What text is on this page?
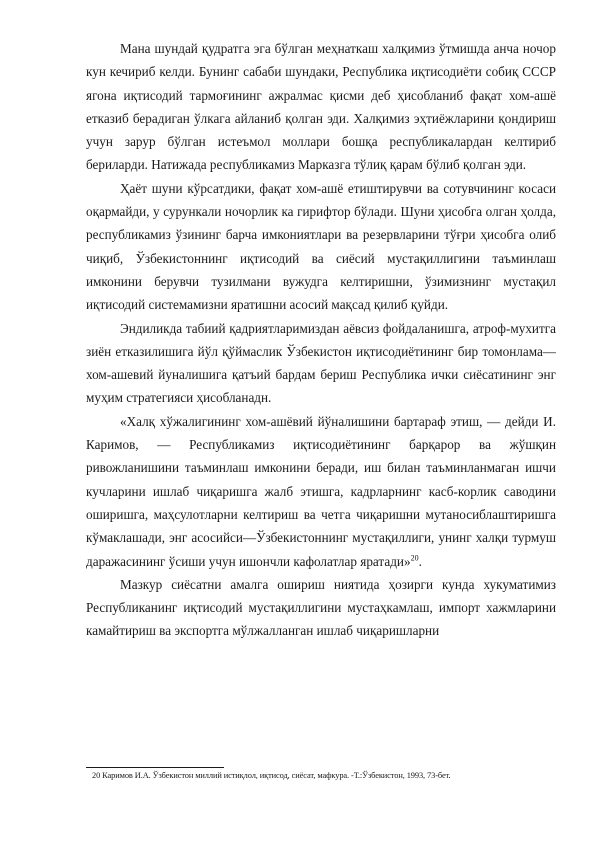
Мана шундай қудратга эга бўлган меҳнаткаш халқимиз ўтмишда анча ночор кун кечириб келди. Бунинг сабаби шундаки, Республика иқтисодиёти собиқ СССР ягона иқтисодий тармоғининг ажралмас қисми деб ҳисобланиб фақат хом-ашё етказиб берадиган ўлкага айланиб қолган эди. Халқимиз эҳтиёжларини қондириш учун зарур бўлган истеъмол моллари бошқа республикалардан келтириб бериларди. Натижада республикамиз Марказга тўлиқ қарам бўлиб қолган эди.

Ҳаёт шуни кўрсатдики, фақат хом-ашё етиштирувчи ва сотувчининг косаси оқармайди, у сурункали ночорлик ка гирифтор бўлади. Шуни ҳисобга олган ҳолда, республикамиз ўзининг барча имкониятлари ва резервларини тўғри ҳисобга олиб чиқиб, Ўзбекистоннинг иқтисодий ва сиёсий мустақиллигини таъминлаш имконини берувчи тузилмани вужудга келтиришни, ўзимизнинг мустақил иқтисодий системамизни яратишни асосий мақсад қилиб қуйди.

Эндиликда табиий қадриятларимиздан аёвсиз фойдаланишга, атроф-мухитга зиён етказилишига йўл қўймаслик Ўзбекистон иқтисодиётининг бир томонлама— хом-ашевий йуналишига қатъий бардам бериш Республика ички сиёсатининг энг муҳим стратегияси ҳисобланадн.

«Халқ хўжалигининг хом-ашёвий йўналишини бартараф этиш, — дейди И. Каримов, — Республикамиз иқтисодиётининг барқарор ва жўшқин ривожланишини таъминлаш имконини беради, иш билан таъминланмаган ишчи кучларини ишлаб чиқаришга жалб этишга, кадрларнинг касб-корлик саводини оширишга, маҳсулотларни келтириш ва четга чиқаришни мутаносиблаштиришга кўмаклашади, энг асосийси—Ўзбекистоннинг мустақиллиги, унинг халқи турмуш даражасининг ўсиши учун ишончли кафолатлар яратади»$^{20}$.

Мазкур сиёсатни амалга ошириш ниятида ҳозирги кунда хукуматимиз Республиканинг иқтисодий мустақиллигини мустаҳкамлаш, импорт хажмларини камайтириш ва экспортга мўлжалланган ишлаб чиқаришларни

20 Каримов И.А. Ўзбекистон миллий истиқлол, иқтисод, сиёсат, мафкура. -Т.:Ўзбекистон, 1993, 73-бет.
